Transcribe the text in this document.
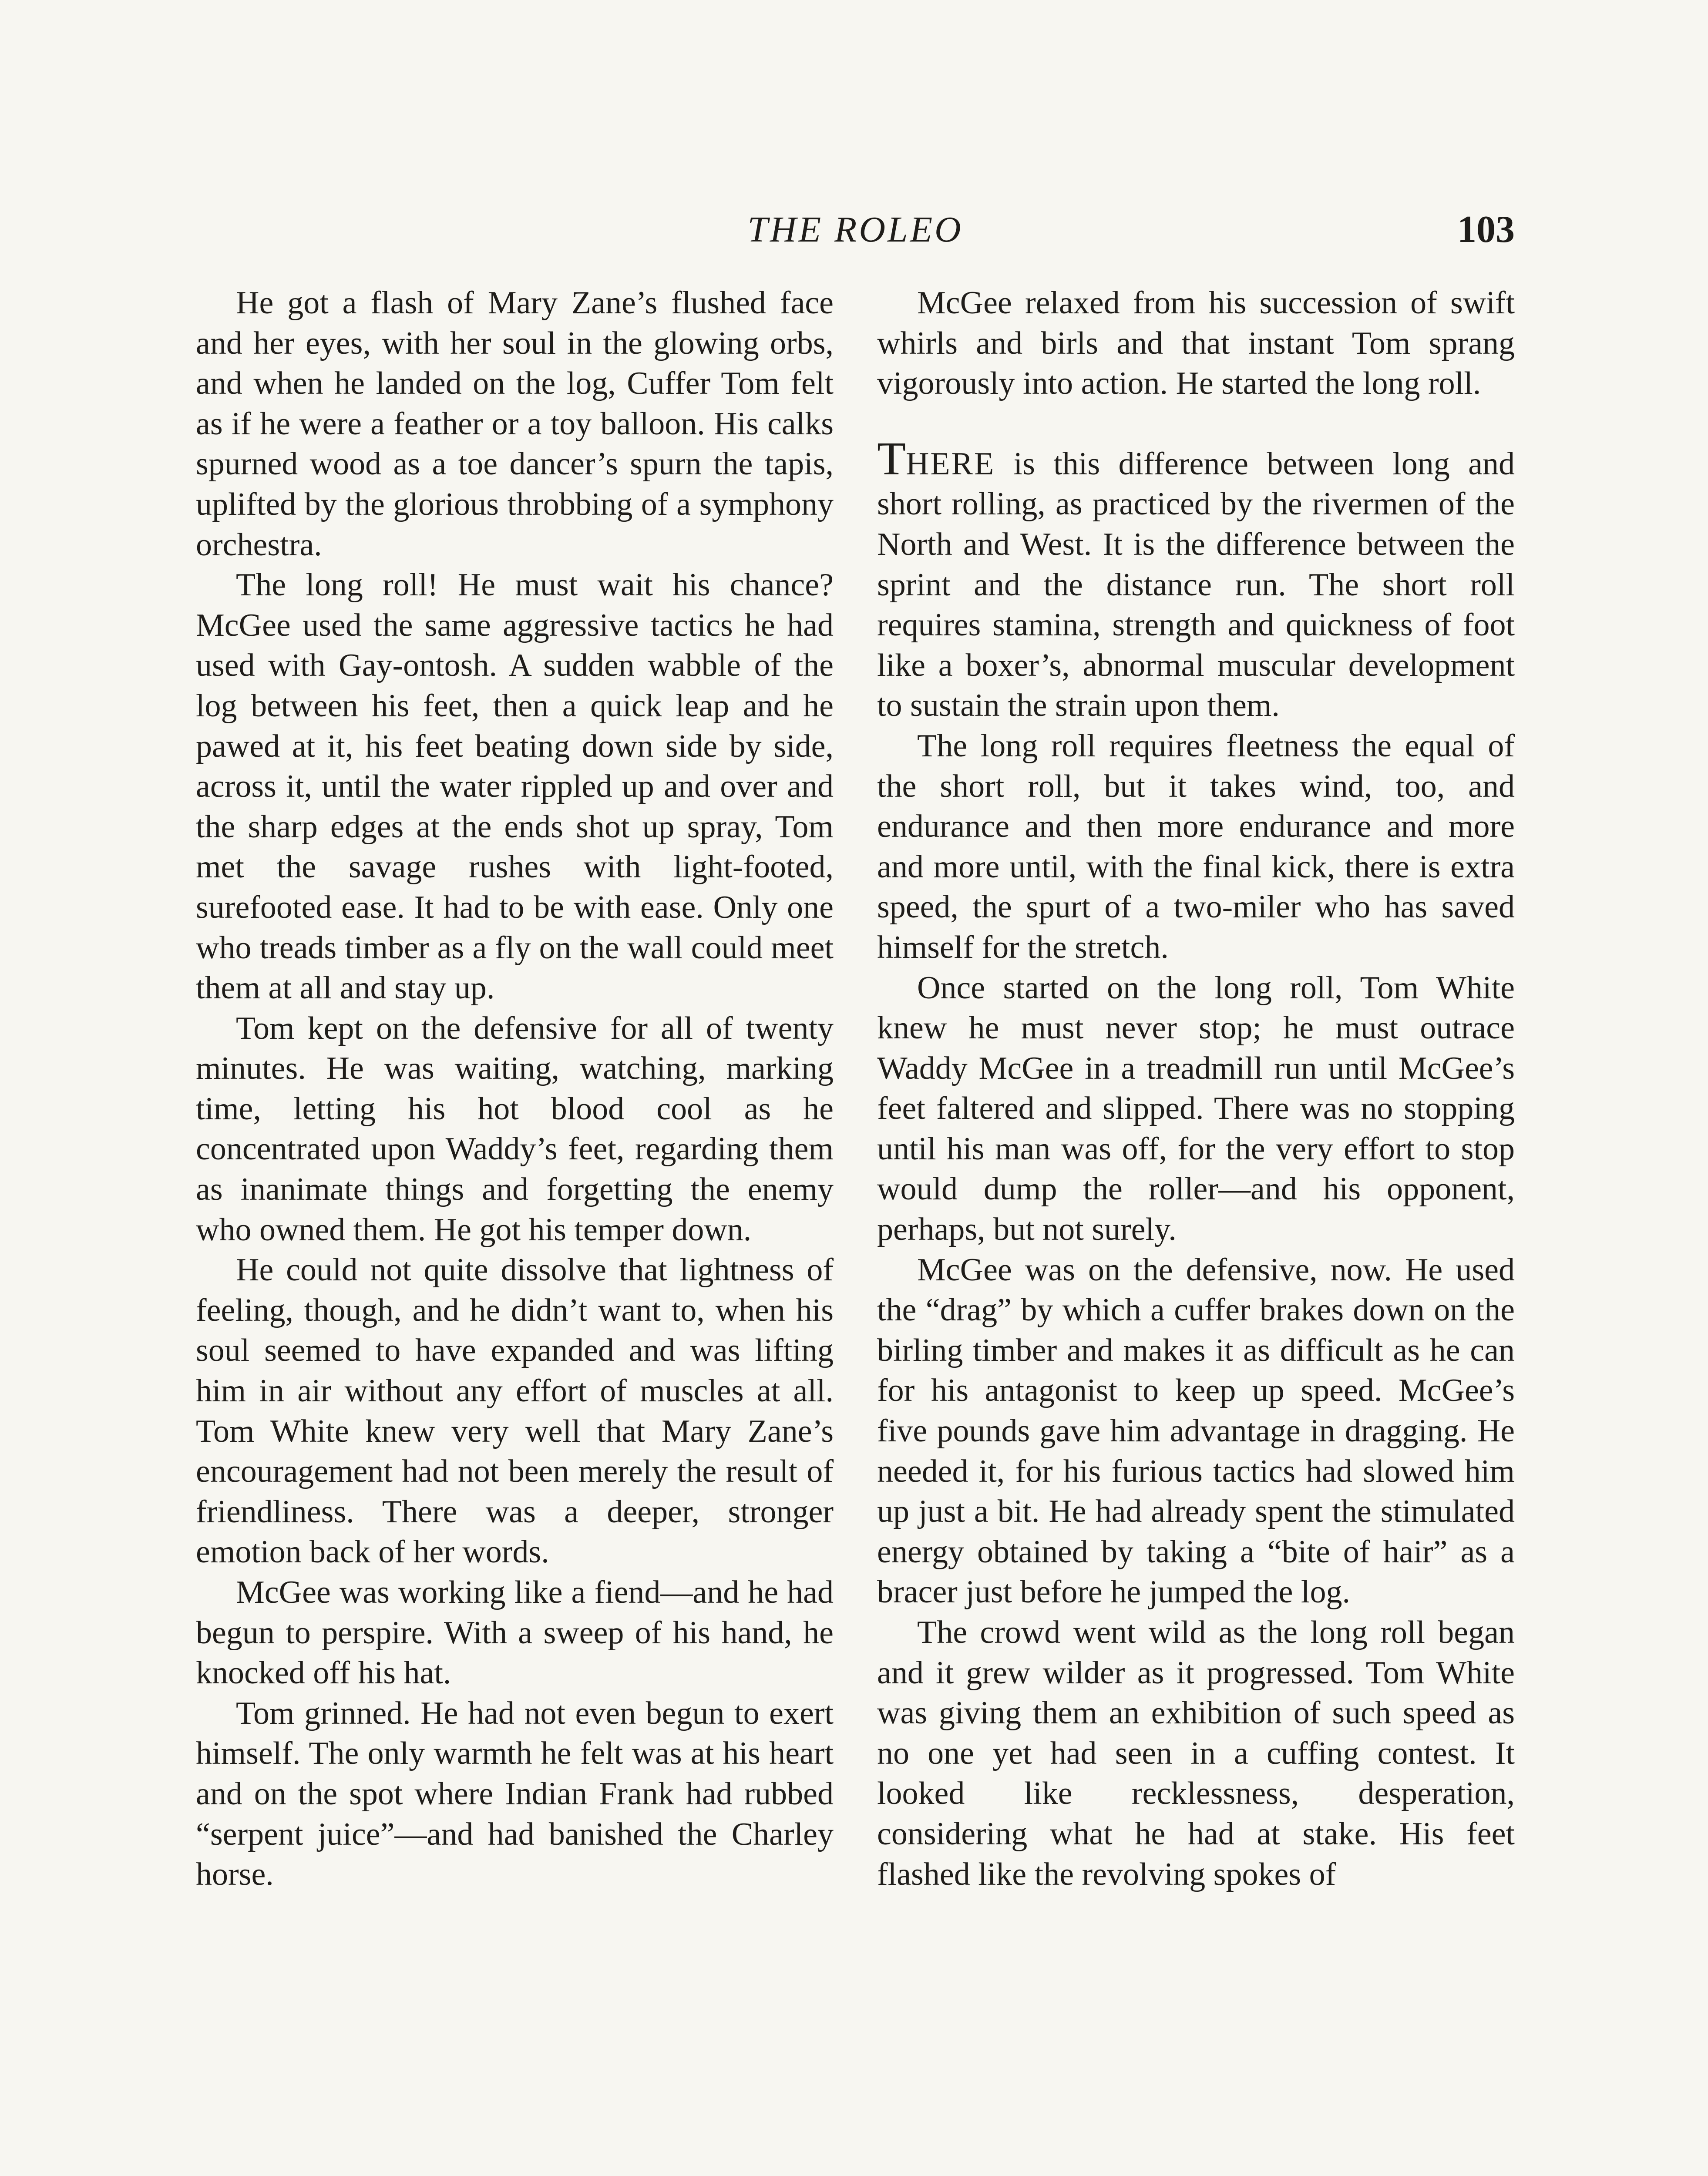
THE ROLEO	103

He got a flash of Mary Zane’s flushed face and her eyes, with her soul in the glowing orbs, and when he landed on the log, Cuffer Tom felt as if he were a feather or a toy balloon. His calks spurned wood as a toe dancer’s spurn the tapis, uplifted by the glorious throbbing of a symphony orchestra.

The long roll! He must wait his chance? McGee used the same aggressive tactics he had used with Gay-ontosh. A sudden wabble of the log between his feet, then a quick leap and he pawed at it, his feet beating down side by side, across it, until the water rippled up and over and the sharp edges at the ends shot up spray, Tom met the savage rushes with light-footed, surefooted ease. It had to be with ease. Only one who treads timber as a fly on the wall could meet them at all and stay up.

Tom kept on the defensive for all of twenty minutes. He was waiting, watching, marking time, letting his hot blood cool as he concentrated upon Waddy’s feet, regarding them as inanimate things and forgetting the enemy who owned them. He got his temper down.

He could not quite dissolve that lightness of feeling, though, and he didn’t want to, when his soul seemed to have expanded and was lifting him in air without any effort of muscles at all. Tom White knew very well that Mary Zane’s encouragement had not been merely the result of friendliness. There was a deeper, stronger emotion back of her words.

McGee was working like a fiend—and he had begun to perspire. With a sweep of his hand, he knocked off his hat.

Tom grinned. He had not even begun to exert himself. The only warmth he felt was at his heart and on the spot where Indian Frank had rubbed “serpent juice”—and had banished the Charley horse.

McGee relaxed from his succession of swift whirls and birls and that instant Tom sprang vigorously into action. He started the long roll.

THERE is this difference between long and short rolling, as practiced by the rivermen of the North and West. It is the difference between the sprint and the distance run. The short roll requires stamina, strength and quickness of foot like a boxer’s, abnormal muscular development to sustain the strain upon them.

The long roll requires fleetness the equal of the short roll, but it takes wind, too, and endurance and then more endurance and more and more until, with the final kick, there is extra speed, the spurt of a two-miler who has saved himself for the stretch.

Once started on the long roll, Tom White knew he must never stop; he must outrace Waddy McGee in a treadmill run until McGee’s feet faltered and slipped. There was no stopping until his man was off, for the very effort to stop would dump the roller—and his opponent, perhaps, but not surely.

McGee was on the defensive, now. He used the “drag” by which a cuffer brakes down on the birling timber and makes it as difficult as he can for his antagonist to keep up speed. McGee’s five pounds gave him advantage in dragging. He needed it, for his furious tactics had slowed him up just a bit. He had already spent the stimulated energy obtained by taking a “bite of hair” as a bracer just before he jumped the log.

The crowd went wild as the long roll began and it grew wilder as it progressed. Tom White was giving them an exhibition of such speed as no one yet had seen in a cuffing contest. It looked like recklessness, desperation, considering what he had at stake. His feet flashed like the revolving spokes of
